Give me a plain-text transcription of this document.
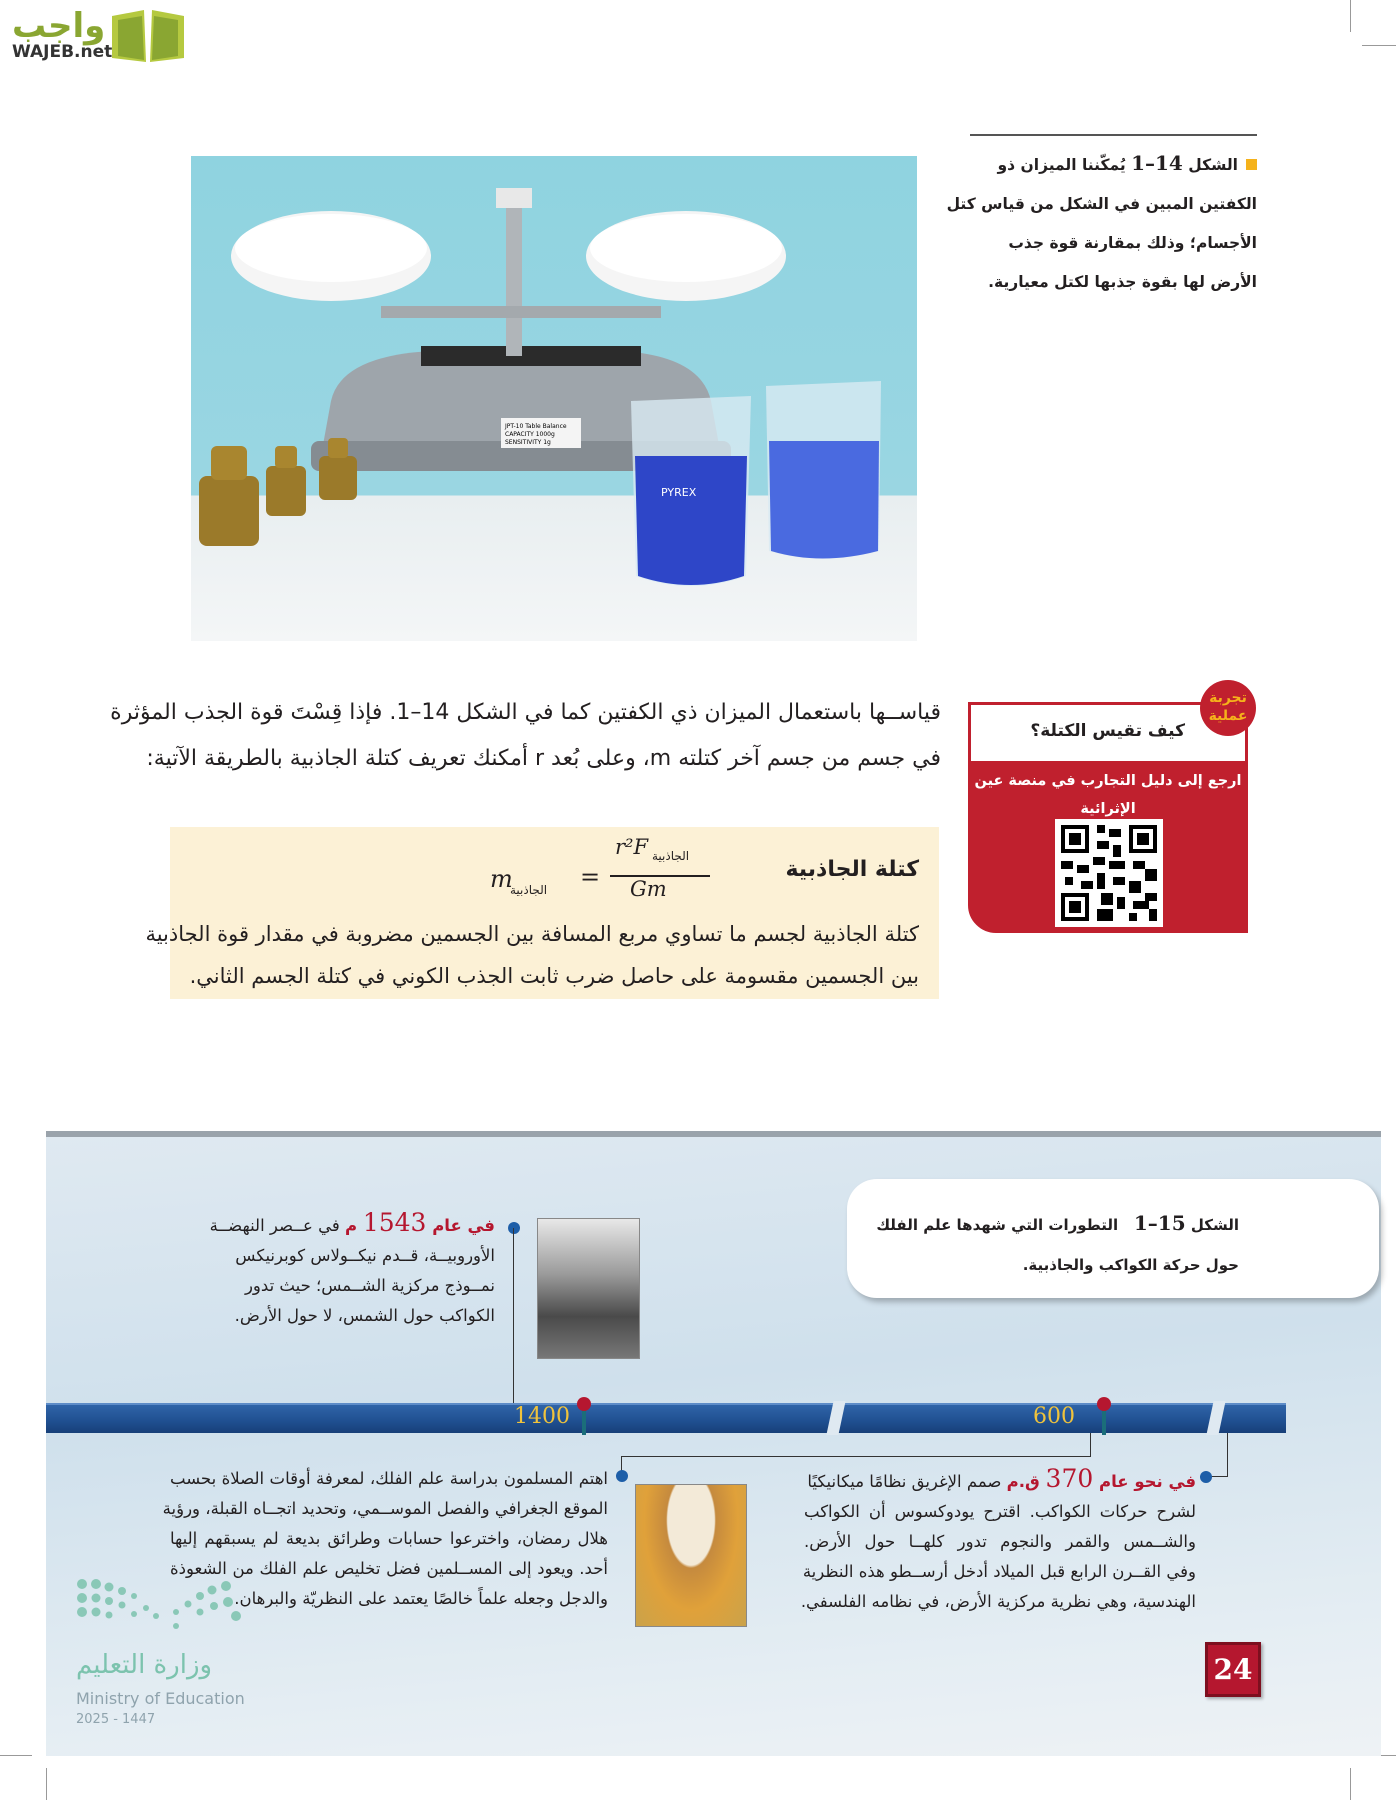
واجب
WAJEB.net
الشكل 1–14 يُمكّننا الميزان ذو
الكفتين المبين في الشكل من قياس كتل
الأجسام؛ وذلك بمقارنة قوة جذب
الأرض لها بقوة جذبها لكتل معيارية.
JPT-10 Table Balance
CAPACITY 1000g
SENSITIVITY 1g
PYREX
كيف تقيس الكتلة؟
ارجع إلى دليل التجارب في منصة عين
الإثرائية
تجربة
عملية
قياســها باستعمال الميزان ذي الكفتين كما في الشكل 14–1. فإذا قِسْتَ قوة الجذب المؤثرة
في جسم من جسم آخر كتلته m، وعلى بُعد r أمكنك تعريف كتلة الجاذبية بالطريقة الآتية:
كتلة الجاذبية
m
الجاذبية =
r²F الجاذبية
Gm
كتلة الجاذبية لجسم ما تساوي مربع المسافة بين الجسمين مضروبة في مقدار قوة الجاذبية
بين الجسمين مقسومة على حاصل ضرب ثابت الجذب الكوني في كتلة الجسم الثاني.
الشكل 1–15   التطورات التي شهدها علم الفلك
حول حركة الكواكب والجاذبية.
في عام 1543 م في عــصر النهضــة
الأوروبيــة، قــدم نيكــولاس كوبرنيكس
نمــوذج مركزية الشــمس؛ حيث تدور
الكواكب حول الشمس، لا حول الأرض.
1400	600
اهتم المسلمون بدراسة علم الفلك، لمعرفة أوقات الصلاة بحسب
الموقع الجغرافي والفصل الموســمي، وتحديد اتجــاه القبلة، ورؤية
هلال رمضان، واخترعوا حسابات وطرائق بديعة لم يسبقهم إليها
أحد. ويعود إلى المســلمين فضل تخليص علم الفلك من الشعوذة
والدجل وجعله علماً خالصًا يعتمد على النظريّة والبرهان.
في نحو عام 370 ق.م صمم الإغريق نظامًا ميكانيكيًا
لشرح حركات الكواكب. اقترح يودوكسوس أن الكواكب
والشــمس والقمر والنجوم تدور كلهــا حول الأرض.
وفي القــرن الرابع قبل الميلاد أدخل أرســطو هذه النظرية
الهندسية، وهي نظرية مركزية الأرض، في نظامه الفلسفي.
وزارة التعليم
Ministry of Education
2025 - 1447
24
